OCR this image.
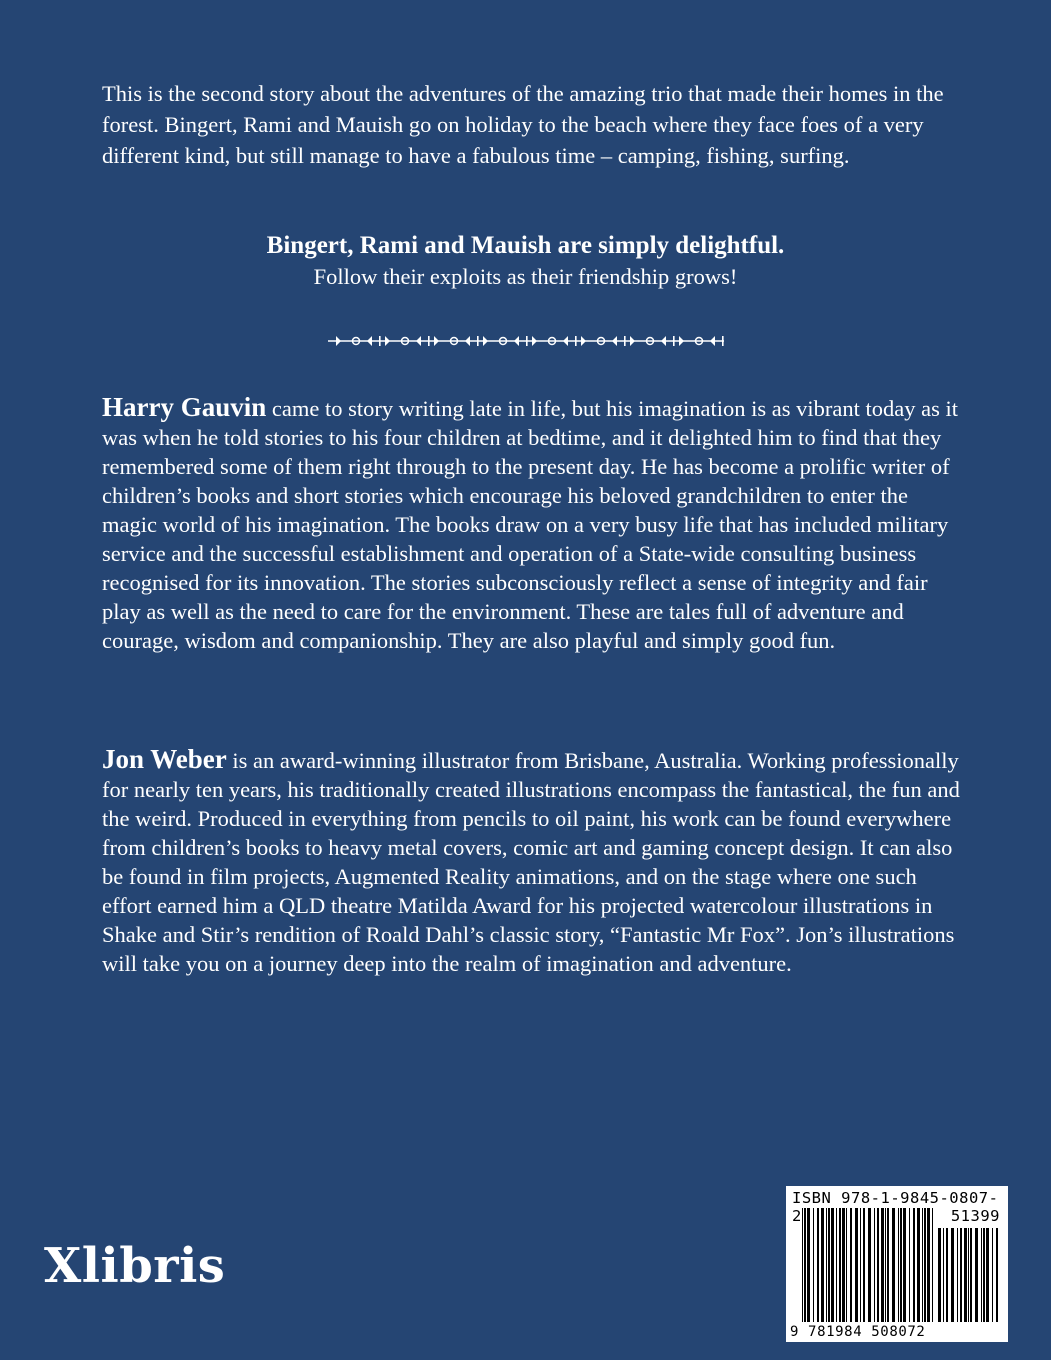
This is the second story about the adventures of the amazing trio that made their homes in the forest. Bingert, Rami and Mauish go on holiday to the beach where they face foes of a very different kind, but still manage to have a fabulous time – camping, fishing, surfing.

Bingert, Rami and Mauish are simply delightful.
Follow their exploits as their friendship grows!

Harry Gauvin came to story writing late in life, but his imagination is as vibrant today as it was when he told stories to his four children at bedtime, and it delighted him to find that they remembered some of them right through to the present day. He has become a prolific writer of children’s books and short stories which encourage his beloved grandchildren to enter the magic world of his imagination. The books draw on a very busy life that has included military service and the successful establishment and operation of a State-wide consulting business recognised for its innovation. The stories subconsciously reflect a sense of integrity and fair play as well as the need to care for the environment. These are tales full of adventure and courage, wisdom and companionship. They are also playful and simply good fun.

Jon Weber is an award-winning illustrator from Brisbane, Australia. Working professionally for nearly ten years, his traditionally created illustrations encompass the fantastical, the fun and the weird. Produced in everything from pencils to oil paint, his work can be found everywhere from children’s books to heavy metal covers, comic art and gaming concept design. It can also be found in film projects, Augmented Reality animations, and on the stage where one such effort earned him a QLD theatre Matilda Award for his projected watercolour illustrations in Shake and Stir’s rendition of Roald Dahl’s classic story, “Fantastic Mr Fox”. Jon’s illustrations will take you on a journey deep into the realm of imagination and adventure.

Xlibris
ISBN 978-1-9845-0807-2	51399
9 781984 508072
